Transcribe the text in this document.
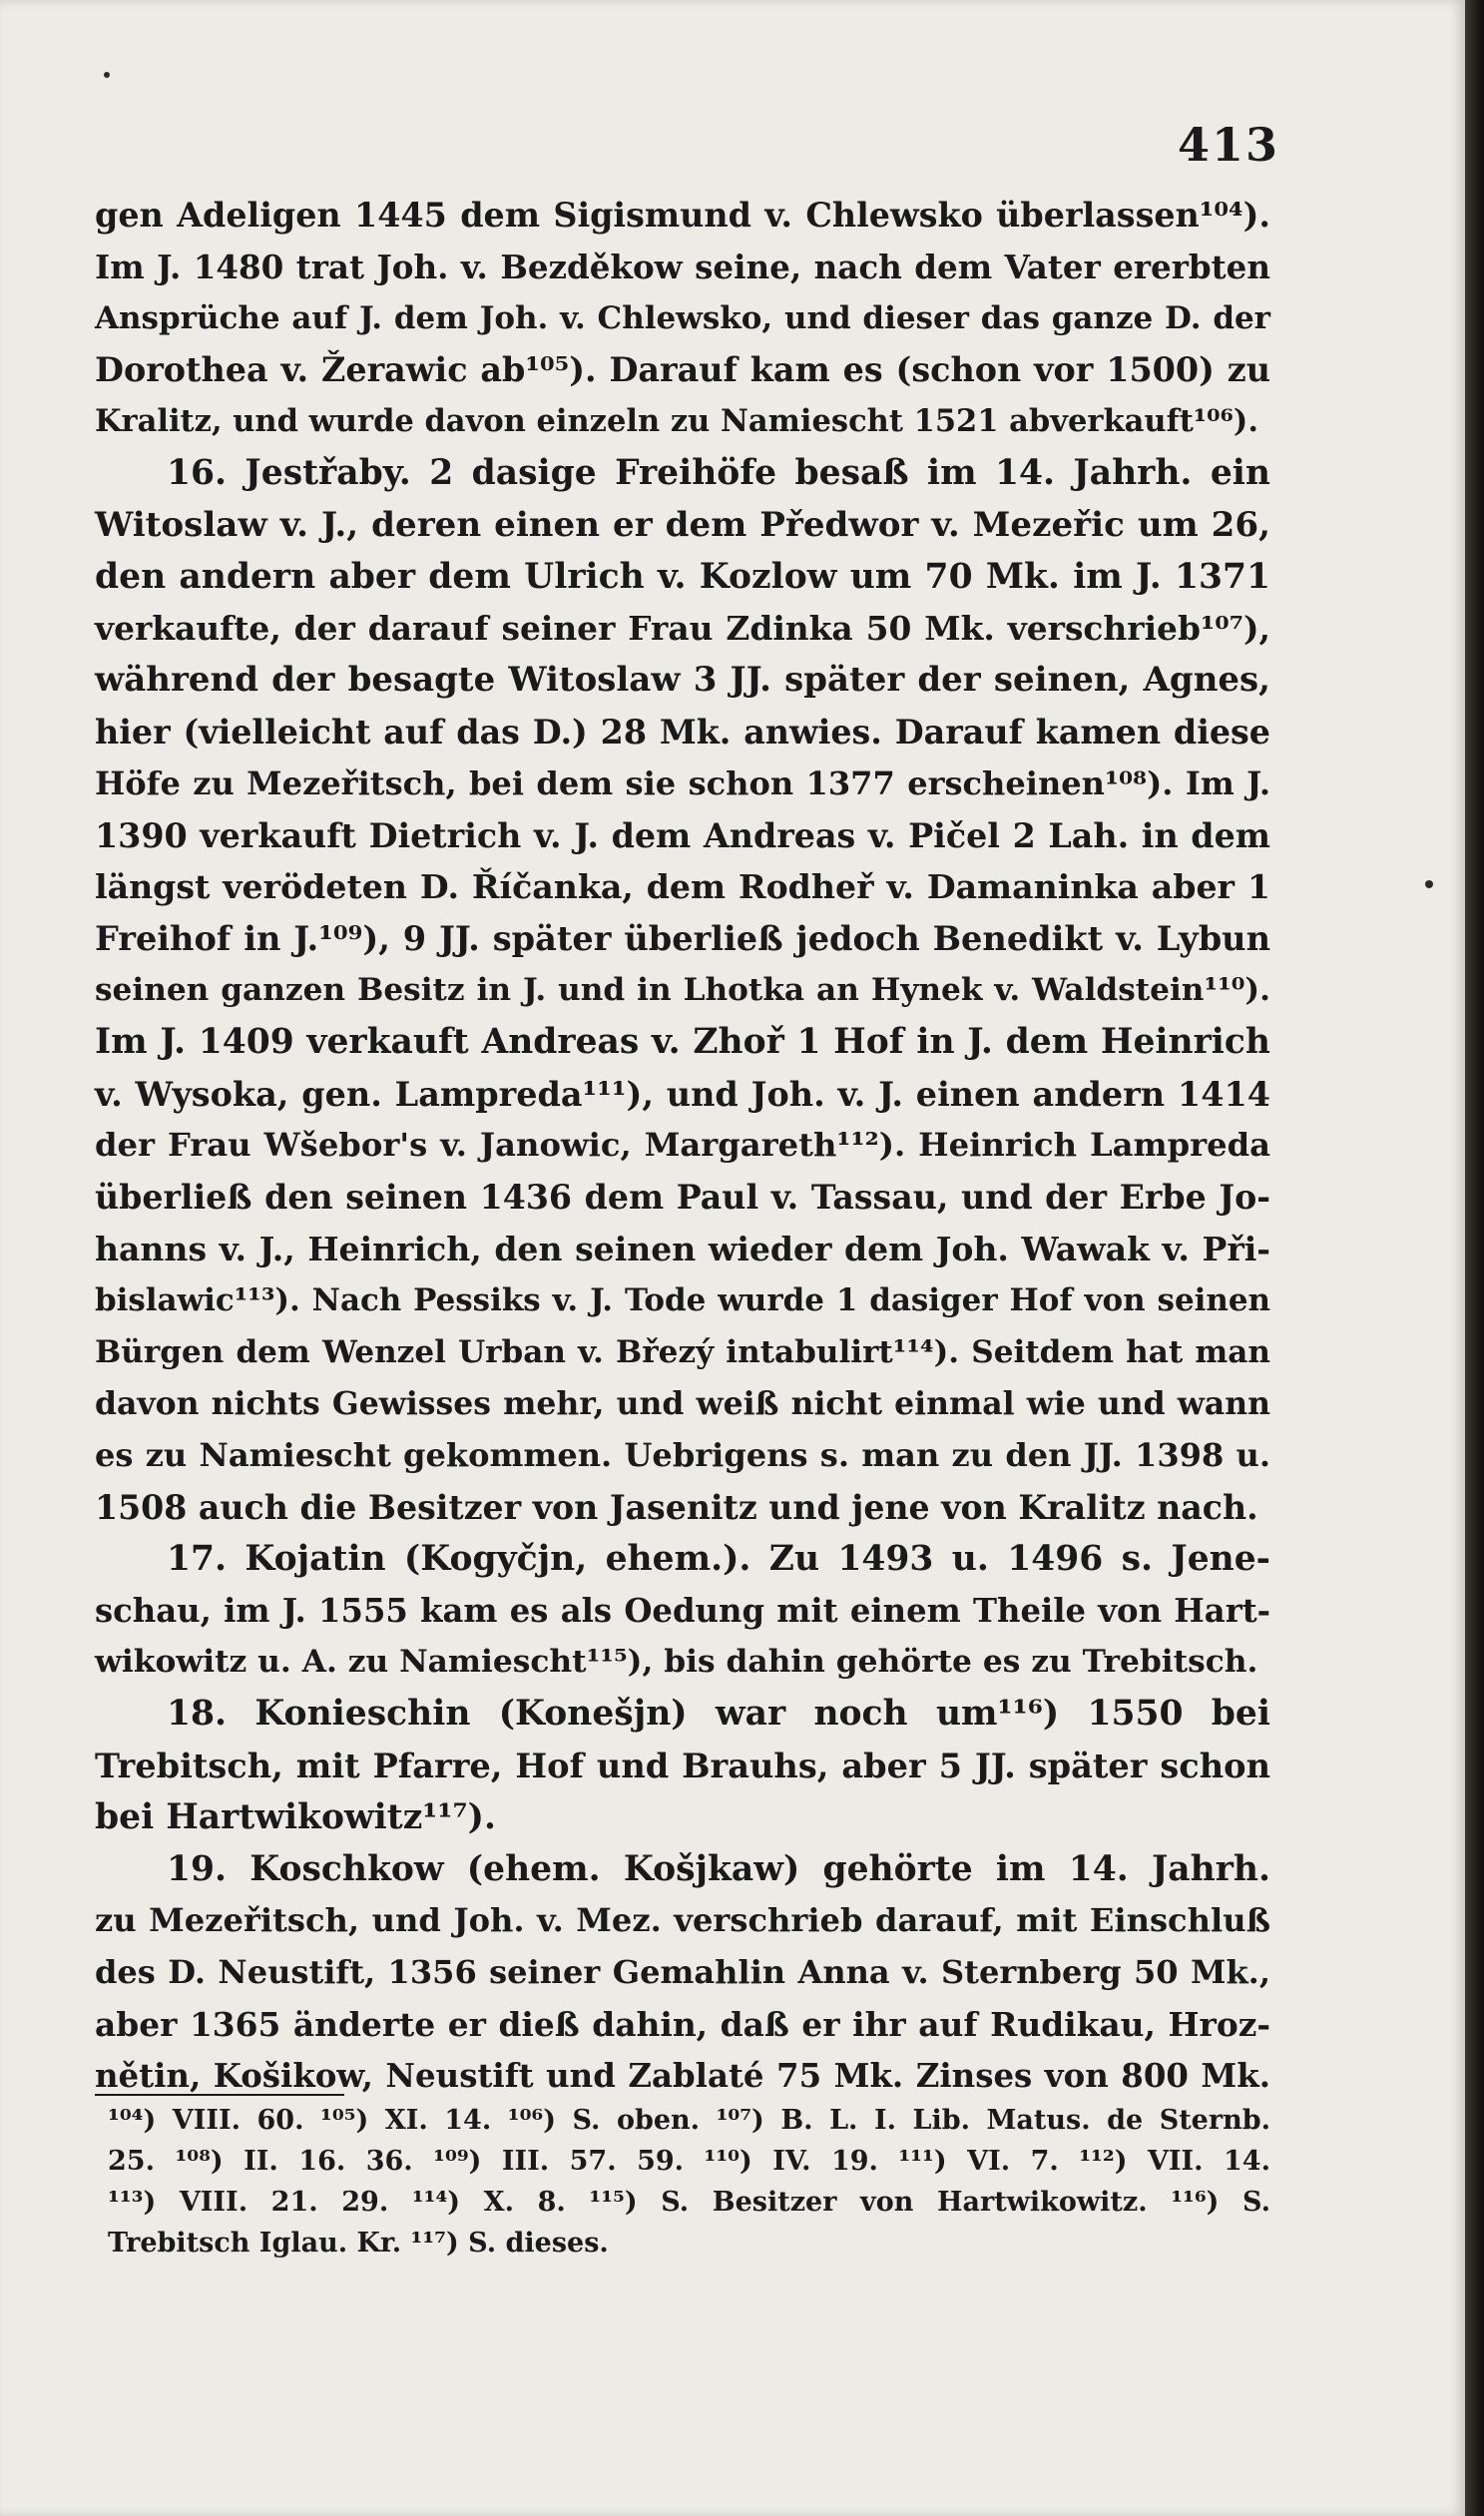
413
gen Adeligen 1445 dem Sigismund v. Chlewsko überlassen¹⁰⁴).
Im J. 1480 trat Joh. v. Bezděkow seine, nach dem Vater ererbten
Ansprüche auf J. dem Joh. v. Chlewsko, und dieser das ganze D. der
Dorothea v. Žerawic ab¹⁰⁵). Darauf kam es (schon vor 1500) zu
Kralitz, und wurde davon einzeln zu Namiescht 1521 abverkauft¹⁰⁶).
16. Jestřaby. 2 dasige Freihöfe besaß im 14. Jahrh. ein
Witoslaw v. J., deren einen er dem Předwor v. Mezeřic um 26,
den andern aber dem Ulrich v. Kozlow um 70 Mk. im J. 1371
verkaufte, der darauf seiner Frau Zdinka 50 Mk. verschrieb¹⁰⁷),
während der besagte Witoslaw 3 JJ. später der seinen, Agnes,
hier (vielleicht auf das D.) 28 Mk. anwies. Darauf kamen diese
Höfe zu Mezeřitsch, bei dem sie schon 1377 erscheinen¹⁰⁸). Im J.
1390 verkauft Dietrich v. J. dem Andreas v. Pičel 2 Lah. in dem
längst verödeten D. Říčanka, dem Rodheř v. Damaninka aber 1
Freihof in J.¹⁰⁹), 9 JJ. später überließ jedoch Benedikt v. Lybun
seinen ganzen Besitz in J. und in Lhotka an Hynek v. Waldstein¹¹⁰).
Im J. 1409 verkauft Andreas v. Zhoř 1 Hof in J. dem Heinrich
v. Wysoka, gen. Lampreda¹¹¹), und Joh. v. J. einen andern 1414
der Frau Wšebor's v. Janowic, Margareth¹¹²). Heinrich Lampreda
überließ den seinen 1436 dem Paul v. Tassau, und der Erbe Jo-
hanns v. J., Heinrich, den seinen wieder dem Joh. Wawak v. Při-
bislawic¹¹³). Nach Pessiks v. J. Tode wurde 1 dasiger Hof von seinen
Bürgen dem Wenzel Urban v. Březý intabulirt¹¹⁴). Seitdem hat man
davon nichts Gewisses mehr, und weiß nicht einmal wie und wann
es zu Namiescht gekommen. Uebrigens s. man zu den JJ. 1398 u.
1508 auch die Besitzer von Jasenitz und jene von Kralitz nach.
17. Kojatin (Kogyčjn, ehem.). Zu 1493 u. 1496 s. Jene-
schau, im J. 1555 kam es als Oedung mit einem Theile von Hart-
wikowitz u. A. zu Namiescht¹¹⁵), bis dahin gehörte es zu Trebitsch.
18. Konieschin (Konešjn) war noch um¹¹⁶) 1550 bei
Trebitsch, mit Pfarre, Hof und Brauhs, aber 5 JJ. später schon
bei Hartwikowitz¹¹⁷).
19. Koschkow (ehem. Košjkaw) gehörte im 14. Jahrh.
zu Mezeřitsch, und Joh. v. Mez. verschrieb darauf, mit Einschluß
des D. Neustift, 1356 seiner Gemahlin Anna v. Sternberg 50 Mk.,
aber 1365 änderte er dieß dahin, daß er ihr auf Rudikau, Hroz-
nětin, Košikow, Neustift und Zablaté 75 Mk. Zinses von 800 Mk.
¹⁰⁴) VIII. 60. ¹⁰⁵) XI. 14. ¹⁰⁶) S. oben. ¹⁰⁷) B. L. I. Lib. Matus. de Sternb.
25. ¹⁰⁸) II. 16. 36. ¹⁰⁹) III. 57. 59. ¹¹⁰) IV. 19. ¹¹¹) VI. 7. ¹¹²) VII. 14.
¹¹³) VIII. 21. 29. ¹¹⁴) X. 8. ¹¹⁵) S. Besitzer von Hartwikowitz. ¹¹⁶) S.
Trebitsch Iglau. Kr. ¹¹⁷) S. dieses.
